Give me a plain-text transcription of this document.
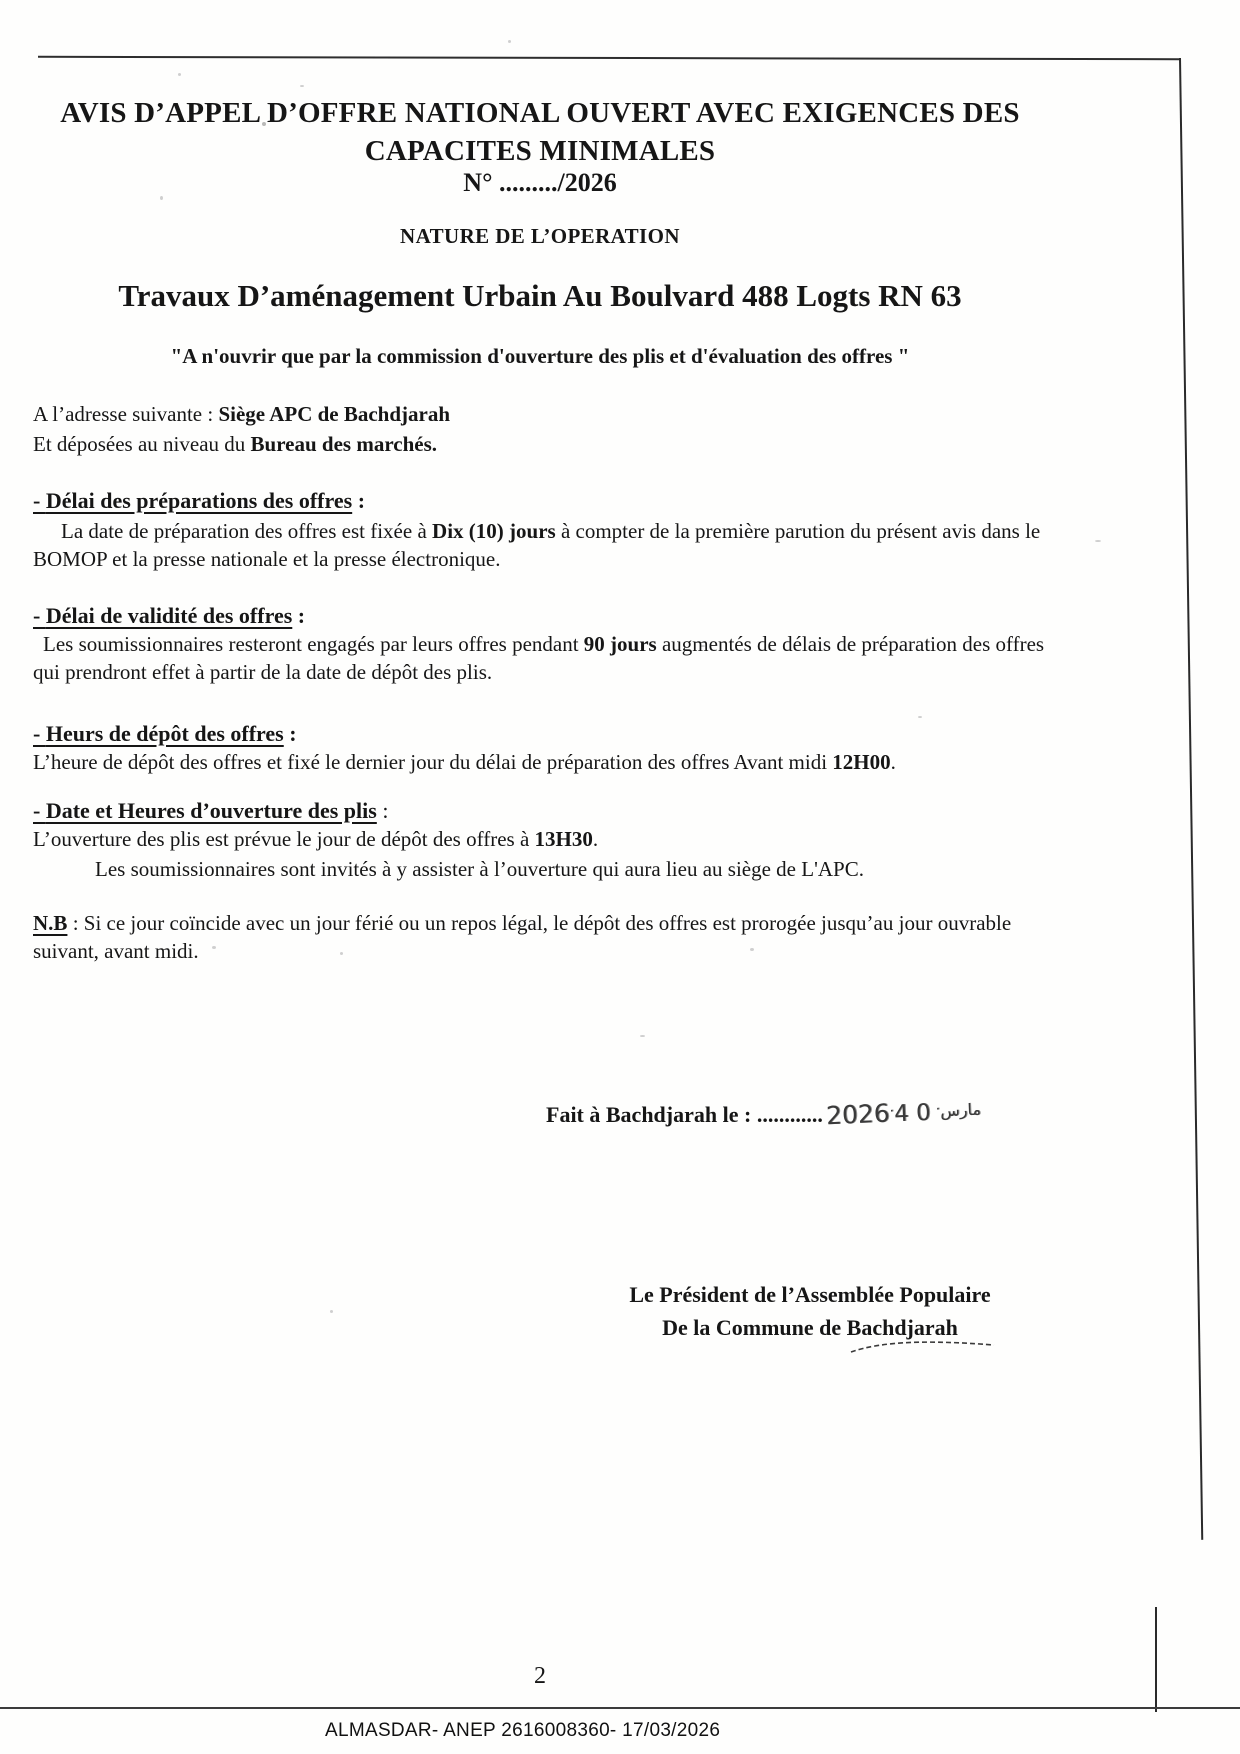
AVIS D’APPEL D’OFFRE NATIONAL OUVERT AVEC EXIGENCES DES
CAPACITES MINIMALES
N° ........./2026
NATURE DE L’OPERATION
Travaux D’aménagement Urbain Au Boulvard 488 Logts RN 63
"A n'ouvrir que par la commission d'ouverture des plis et d'évaluation des offres "
A l’adresse suivante : Siège APC de Bachdjarah
Et déposées au niveau du Bureau des marchés.
- Délai des préparations des offres :
La date de préparation des offres est fixée à Dix (10) jours à compter de la première parution du présent avis dans le BOMOP et la presse nationale et la presse électronique.
- Délai de validité des offres :
Les soumissionnaires resteront engagés par leurs offres pendant 90 jours augmentés de délais de préparation des offres qui prendront effet à partir de la date de dépôt des plis.
- Heurs de dépôt des offres :
L’heure de dépôt des offres et fixé le dernier jour du délai de préparation des offres Avant midi 12H00.
- Date et Heures d’ouverture des plis :
L’ouverture des plis est prévue le jour de dépôt des offres à 13H30.
Les soumissionnaires sont invités à y assister à l’ouverture qui aura lieu au siège de L'APC.
N.B : Si ce jour coïncide avec un jour férié ou un repos légal, le dépôt des offres est prorogée jusqu’au jour ouvrable suivant, avant midi.
Fait à Bachdjarah le : ............ 2026·	مارس· 0 4
Le Président de l’Assemblée Populaire
De la Commune de Bachdjarah
2
ALMASDAR- ANEP 2616008360- 17/03/2026
